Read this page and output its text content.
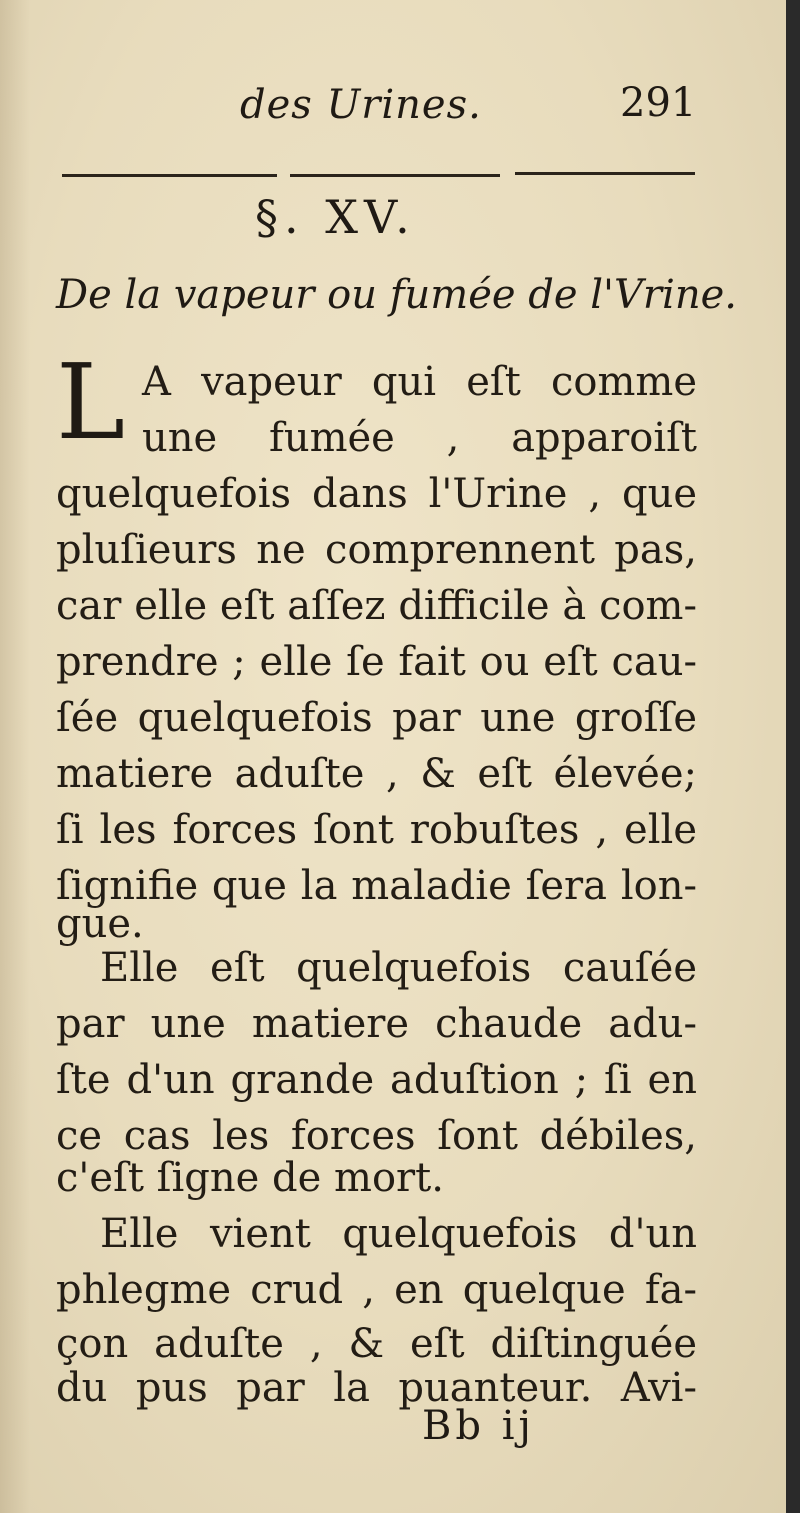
des Urines.	291
§. XV.
De la vapeur ou fumée de l'Vrine.
L A vapeur qui eſt comme
une fumée , apparoiſt
quelquefois dans l'Urine , que
pluſieurs ne comprennent pas,
car elle eſt aſſez difficile à com-
prendre ; elle ſe fait ou eſt cau-
ſée quelquefois par une groſſe
matiere aduſte , & eſt élevée;
ſi les forces ſont robuſtes , elle
ſignifie que la maladie ſera lon-
gue.
Elle eſt quelquefois cauſée
par une matiere chaude adu-
ſte d'un grande aduſtion ; ſi en
ce cas les forces ſont débiles,
c'eſt ſigne de mort.
Elle vient quelquefois d'un
phlegme crud , en quelque fa-
çon aduſte , & eſt diſtinguée
du pus par la puanteur. Avi-
Bb ij
